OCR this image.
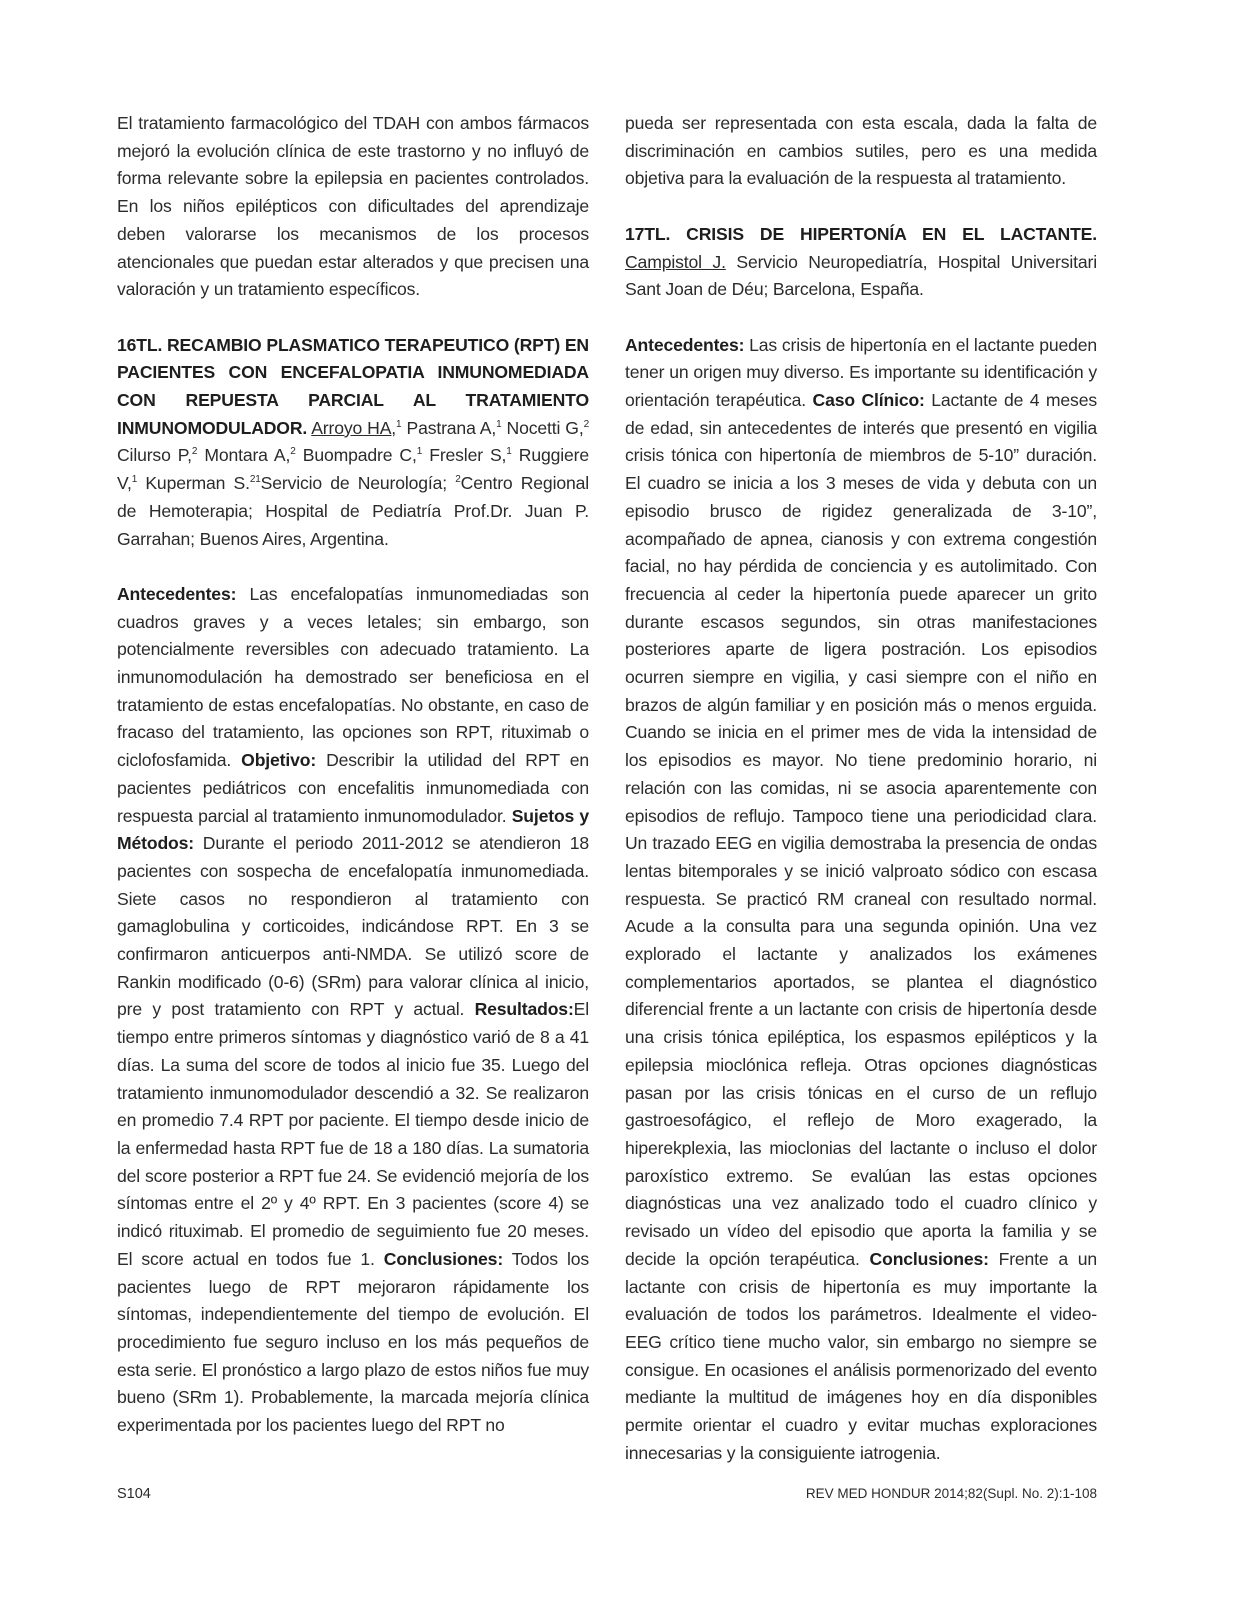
El tratamiento farmacológico del TDAH con ambos fármacos mejoró la evolución clínica de este trastorno y no influyó de forma relevante sobre la epilepsia en pacientes controlados. En los niños epilépticos con dificultades del aprendizaje deben valorarse los mecanismos de los procesos atencionales que puedan estar alterados y que precisen una valoración y un tratamiento específicos.

16TL. RECAMBIO PLASMATICO TERAPEUTICO (RPT) EN PACIENTES CON ENCEFALOPATIA INMUNOMEDIADA CON REPUESTA PARCIAL AL TRATAMIENTO INMUNOMODULADOR. Arroyo HA,$^1$ Pastrana A,$^1$ Nocetti G,$^2$ Cilurso P,$^2$ Montara A,$^2$ Buompadre C,$^1$ Fresler S,$^1$ Ruggiere V,$^1$ Kuperman S.$^{21}$Servicio de Neurología; $^2$Centro Regional de Hemoterapia; Hospital de Pediatría Prof.Dr. Juan P. Garrahan; Buenos Aires, Argentina.

Antecedentes: Las encefalopatías inmunomediadas son cuadros graves y a veces letales; sin embargo, son potencialmente reversibles con adecuado tratamiento. La inmunomodulación ha demostrado ser beneficiosa en el tratamiento de estas encefalopatías. No obstante, en caso de fracaso del tratamiento, las opciones son RPT, rituximab o ciclofosfamida. Objetivo: Describir la utilidad del RPT en pacientes pediátricos con encefalitis inmunomediada con respuesta parcial al tratamiento inmunomodulador. Sujetos y Métodos: Durante el periodo 2011-2012 se atendieron 18 pacientes con sospecha de encefalopatía inmunomediada. Siete casos no respondieron al tratamiento con gamaglobulina y corticoides, indicándose RPT. En 3 se confirmaron anticuerpos anti-NMDA. Se utilizó score de Rankin modificado (0-6) (SRm) para valorar clínica al inicio, pre y post tratamiento con RPT y actual. Resultados:El tiempo entre primeros síntomas y diagnóstico varió de 8 a 41 días. La suma del score de todos al inicio fue 35. Luego del tratamiento inmunomodulador descendió a 32. Se realizaron en promedio 7.4 RPT por paciente. El tiempo desde inicio de la enfermedad hasta RPT fue de 18 a 180 días. La sumatoria del score posterior a RPT fue 24. Se evidenció mejoría de los síntomas entre el 2º y 4º RPT. En 3 pacientes (score 4) se indicó rituximab. El promedio de seguimiento fue 20 meses. El score actual en todos fue 1. Conclusiones: Todos los pacientes luego de RPT mejoraron rápidamente los síntomas, independientemente del tiempo de evolución. El procedimiento fue seguro incluso en los más pequeños de esta serie. El pronóstico a largo plazo de estos niños fue muy bueno (SRm 1). Probablemente, la marcada mejoría clínica experimentada por los pacientes luego del RPT no

pueda ser representada con esta escala, dada la falta de discriminación en cambios sutiles, pero es una medida objetiva para la evaluación de la respuesta al tratamiento.

17TL. CRISIS DE HIPERTONÍA EN EL LACTANTE. Campistol J. Servicio Neuropediatría, Hospital Universitari Sant Joan de Déu; Barcelona, España.

Antecedentes: Las crisis de hipertonía en el lactante pueden tener un origen muy diverso. Es importante su identificación y orientación terapéutica. Caso Clínico: Lactante de 4 meses de edad, sin antecedentes de interés que presentó en vigilia crisis tónica con hipertonía de miembros de 5-10” duración. El cuadro se inicia a los 3 meses de vida y debuta con un episodio brusco de rigidez generalizada de 3-10”, acompañado de apnea, cianosis y con extrema congestión facial, no hay pérdida de conciencia y es autolimitado. Con frecuencia al ceder la hipertonía puede aparecer un grito durante escasos segundos, sin otras manifestaciones posteriores aparte de ligera postración. Los episodios ocurren siempre en vigilia, y casi siempre con el niño en brazos de algún familiar y en posición más o menos erguida. Cuando se inicia en el primer mes de vida la intensidad de los episodios es mayor. No tiene predominio horario, ni relación con las comidas, ni se asocia aparentemente con episodios de reflujo. Tampoco tiene una periodicidad clara. Un trazado EEG en vigilia demostraba la presencia de ondas lentas bitemporales y se inició valproato sódico con escasa respuesta. Se practicó RM craneal con resultado normal. Acude a la consulta para una segunda opinión. Una vez explorado el lactante y analizados los exámenes complementarios aportados, se plantea el diagnóstico diferencial frente a un lactante con crisis de hipertonía desde una crisis tónica epiléptica, los espasmos epilépticos y la epilepsia mioclónica refleja. Otras opciones diagnósticas pasan por las crisis tónicas en el curso de un reflujo gastroesofágico, el reflejo de Moro exagerado, la hiperekplexia, las mioclonias del lactante o incluso el dolor paroxístico extremo. Se evalúan las estas opciones diagnósticas una vez analizado todo el cuadro clínico y revisado un vídeo del episodio que aporta la familia y se decide la opción terapéutica. Conclusiones: Frente a un lactante con crisis de hipertonía es muy importante la evaluación de todos los parámetros. Idealmente el video-EEG crítico tiene mucho valor, sin embargo no siempre se consigue. En ocasiones el análisis pormenorizado del evento mediante la multitud de imágenes hoy en día disponibles permite orientar el cuadro y evitar muchas exploraciones innecesarias y la consiguiente iatrogenia.

S104	REV MED HONDUR 2014;82(Supl. No. 2):1-108
